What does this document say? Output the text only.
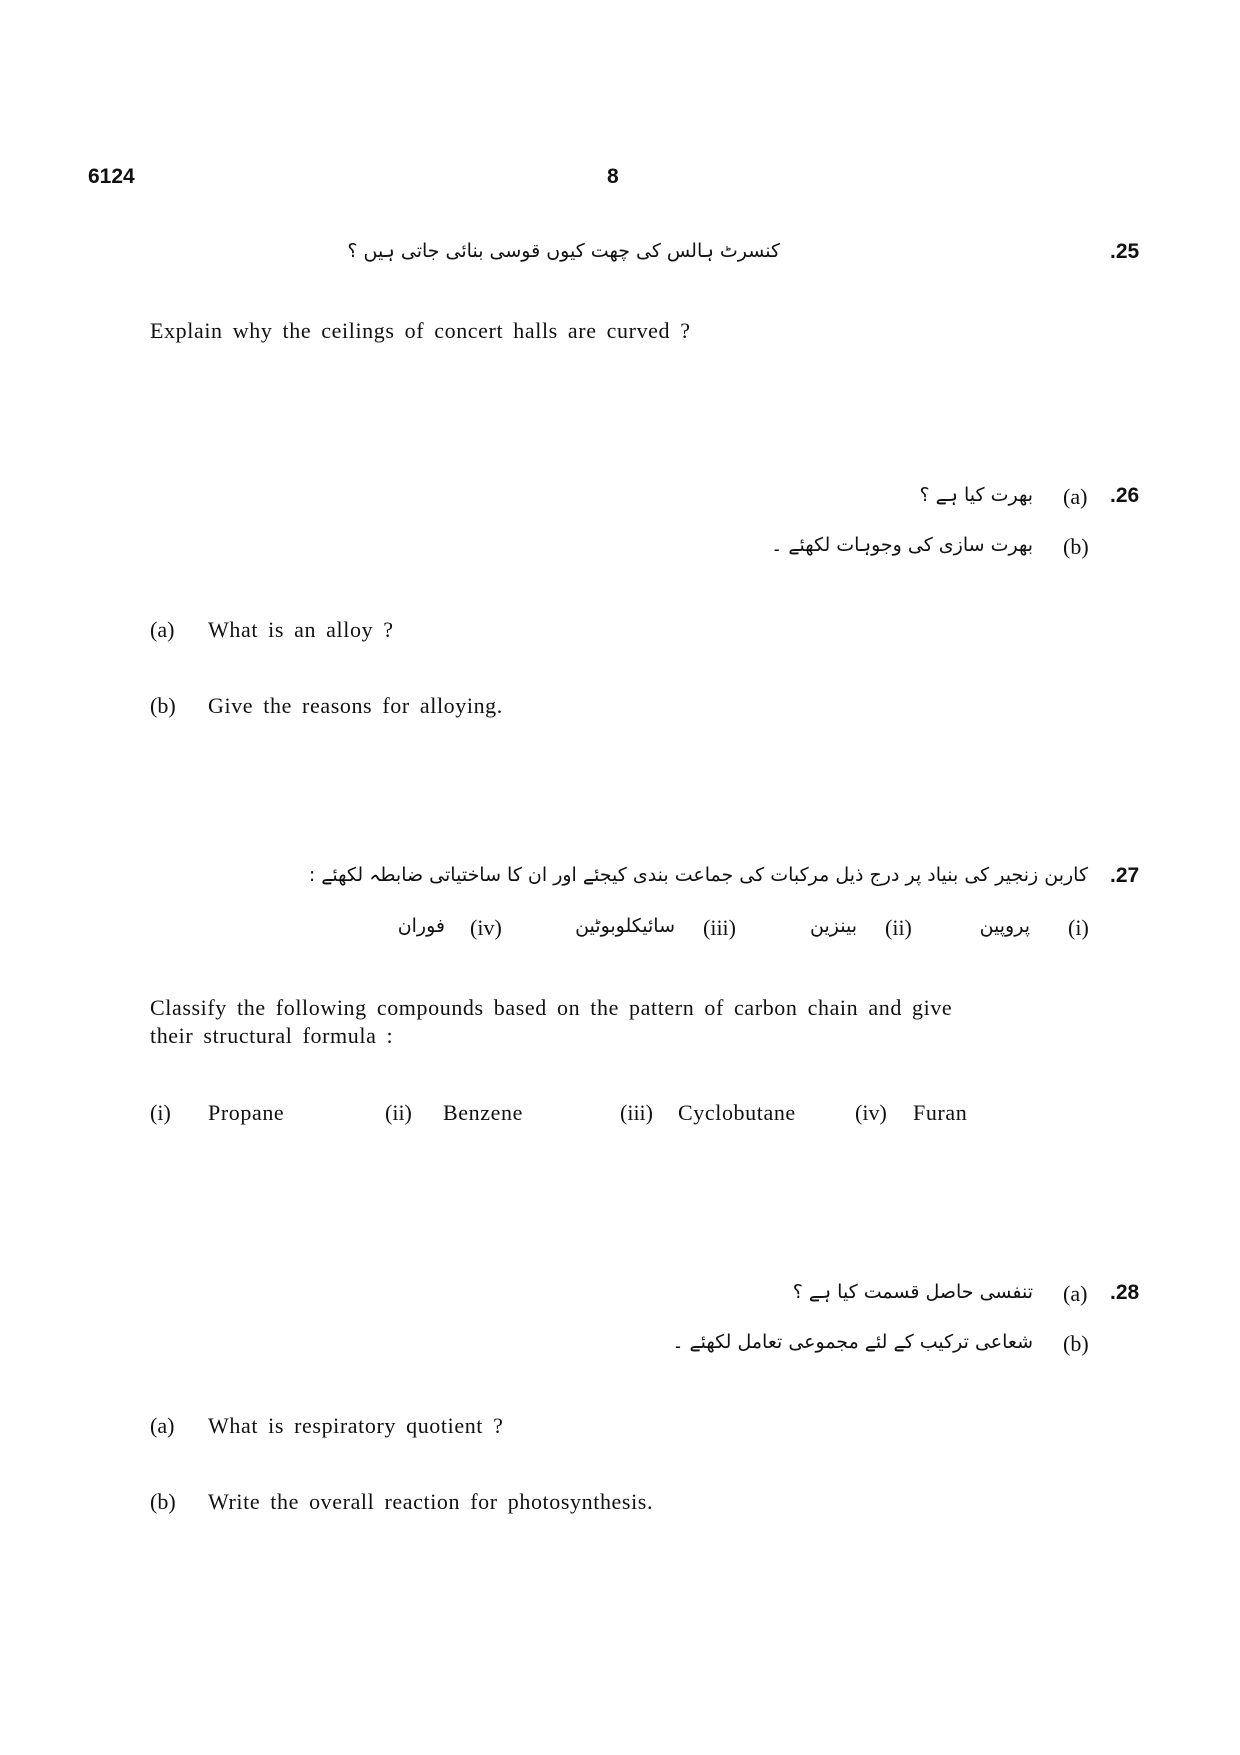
6124	8
.25
کنسرٹ ہالس کی چھت کیوں قوسی بنائی جاتی ہیں ؟
Explain why the ceilings of concert halls are curved ?
.26
(a)
بھرت کیا ہے ؟
(b)
بھرت سازی کی وجوہات لکھئے ۔
(a) What is an alloy ?
(b) Give the reasons for alloying.
.27
کاربن زنجیر کی بنیاد پر درج ذیل مرکبات کی جماعت بندی کیجئے اور ان کا ساختیاتی ضابطہ لکھئے :
(i)
پروپین
(ii)
بینزین
(iii)
سائیکلوبوٹین
(iv)
فوران
Classify the following compounds based on the pattern of carbon chain and give
their structural formula :
(i) Propane	(ii) Benzene	(iii) Cyclobutane	(iv) Furan
.28
(a)
تنفسی حاصل قسمت کیا ہے ؟
(b)
شعاعی ترکیب کے لئے مجموعی تعامل لکھئے ۔
(a) What is respiratory quotient ?
(b) Write the overall reaction for photosynthesis.
